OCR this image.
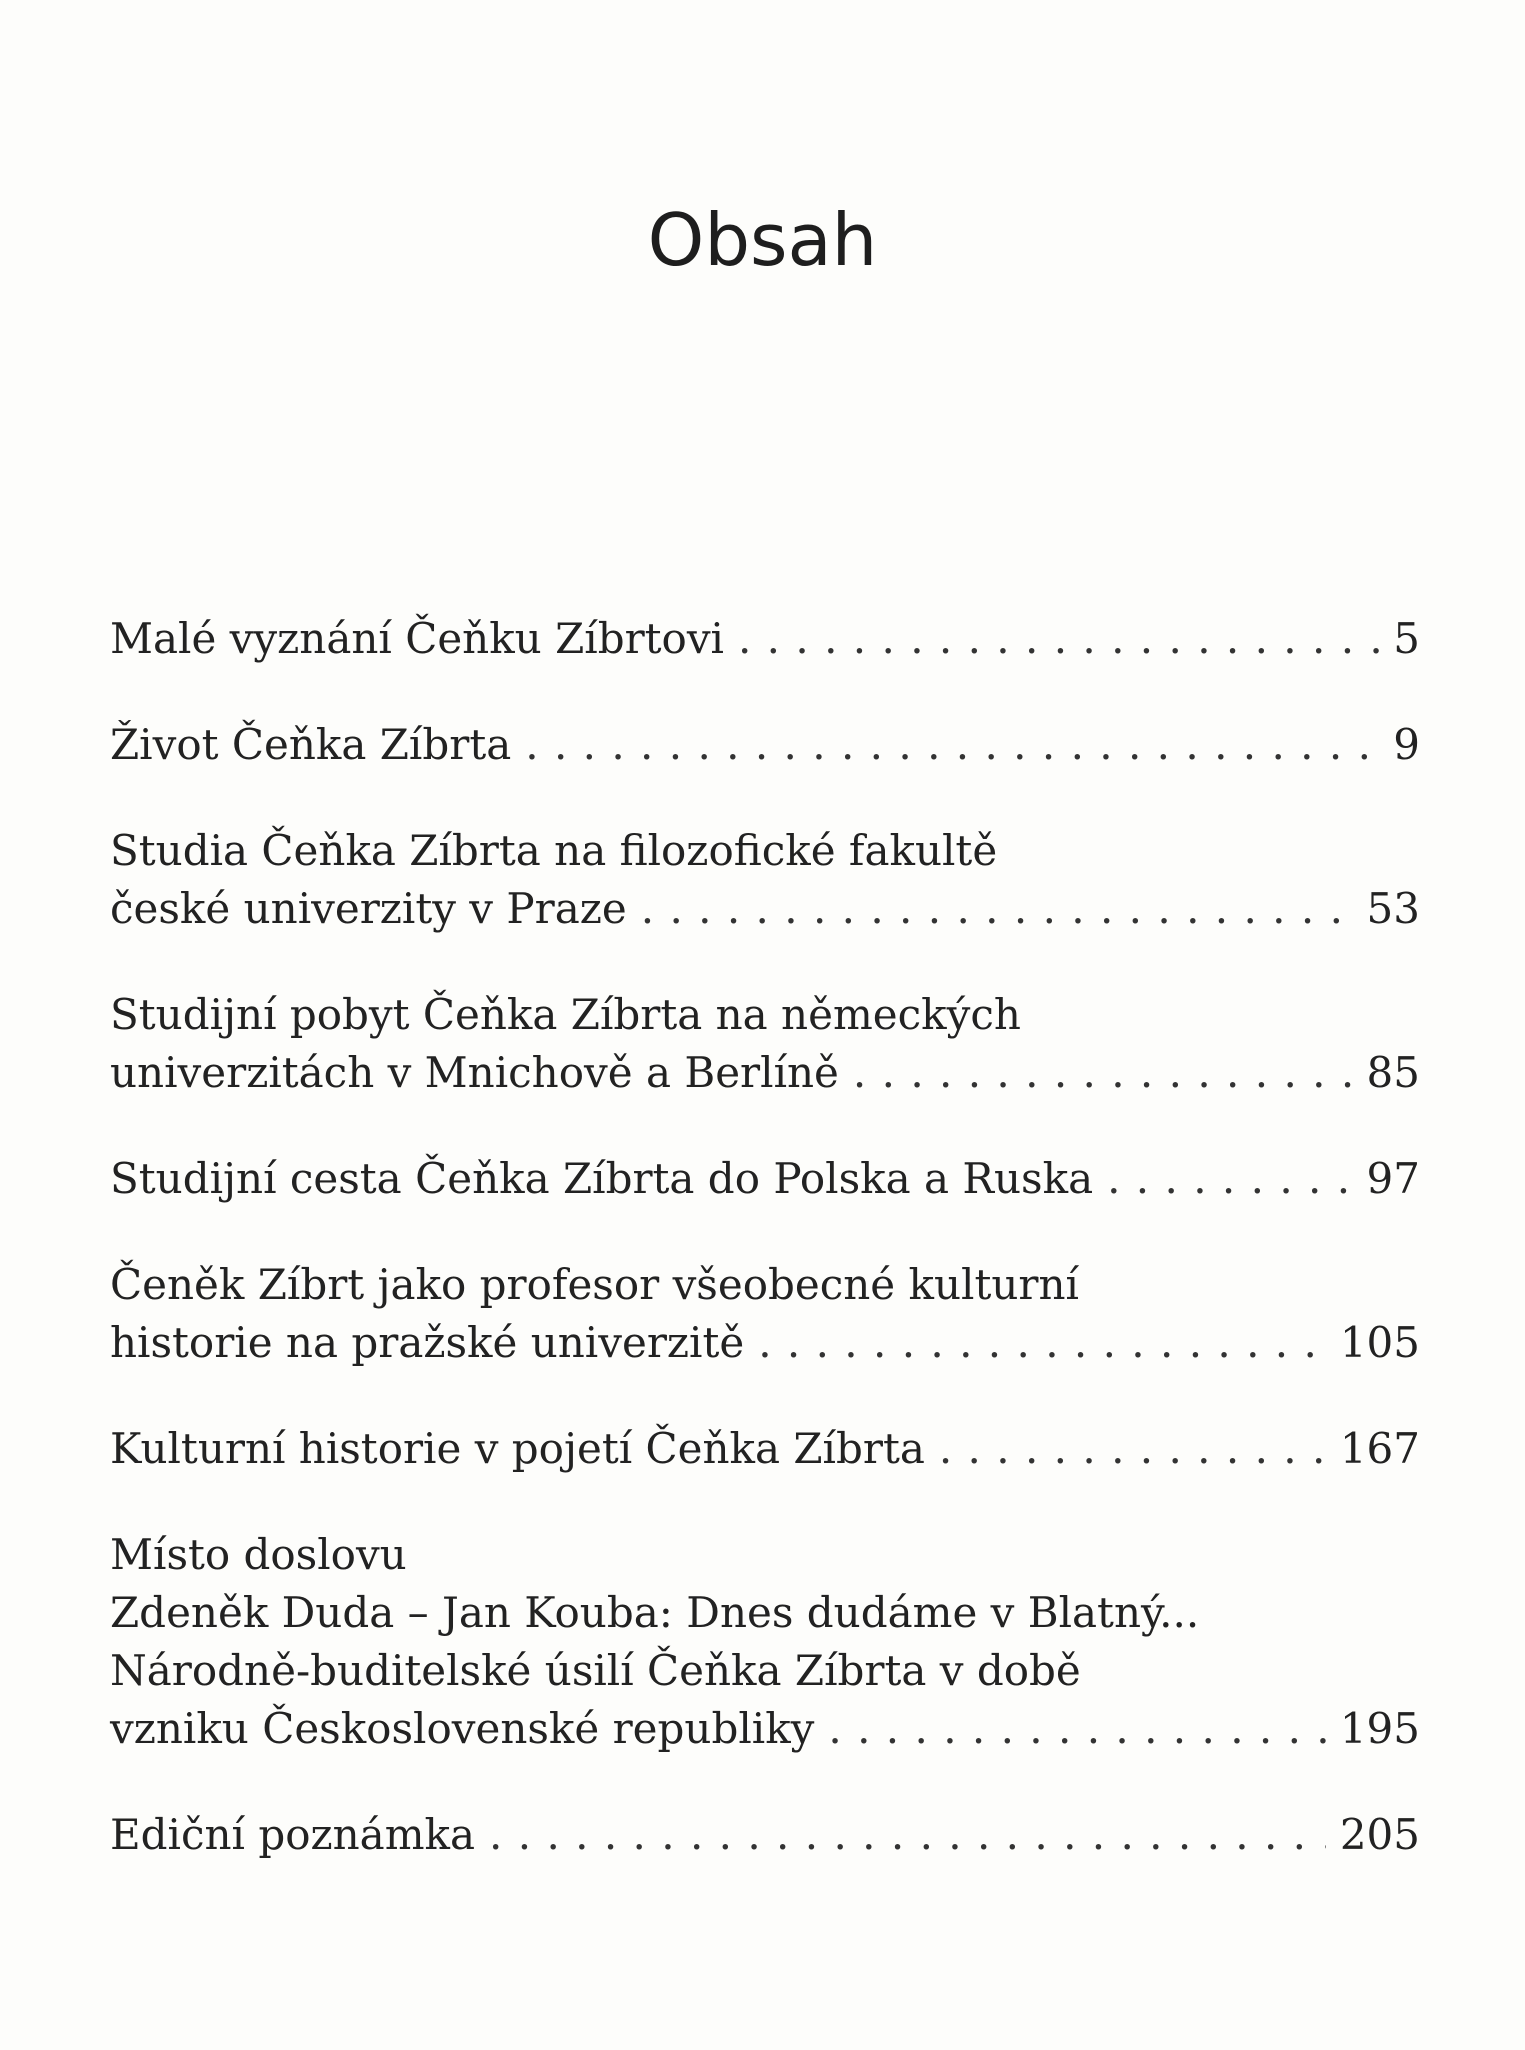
Obsah
Malé vyznání Čeňku Zíbrtovi . . .	5
Život Čeňka Zíbrta . . .	9
Studia Čeňka Zíbrta na filozofické fakultě
české univerzity v Praze . . .	53
Studijní pobyt Čeňka Zíbrta na německých
univerzitách v Mnichově a Berlíně . . .	85
Studijní cesta Čeňka Zíbrta do Polska a Ruska . . .	97
Čeněk Zíbrt jako profesor všeobecné kulturní
historie na pražské univerzitě . . .	105
Kulturní historie v pojetí Čeňka Zíbrta . . .	167
Místo doslovu
Zdeněk Duda – Jan Kouba: Dnes dudáme v Blatný...
Národně-buditelské úsilí Čeňka Zíbrta v době
vzniku Československé republiky . . .	195
Ediční poznámka . . .	205
